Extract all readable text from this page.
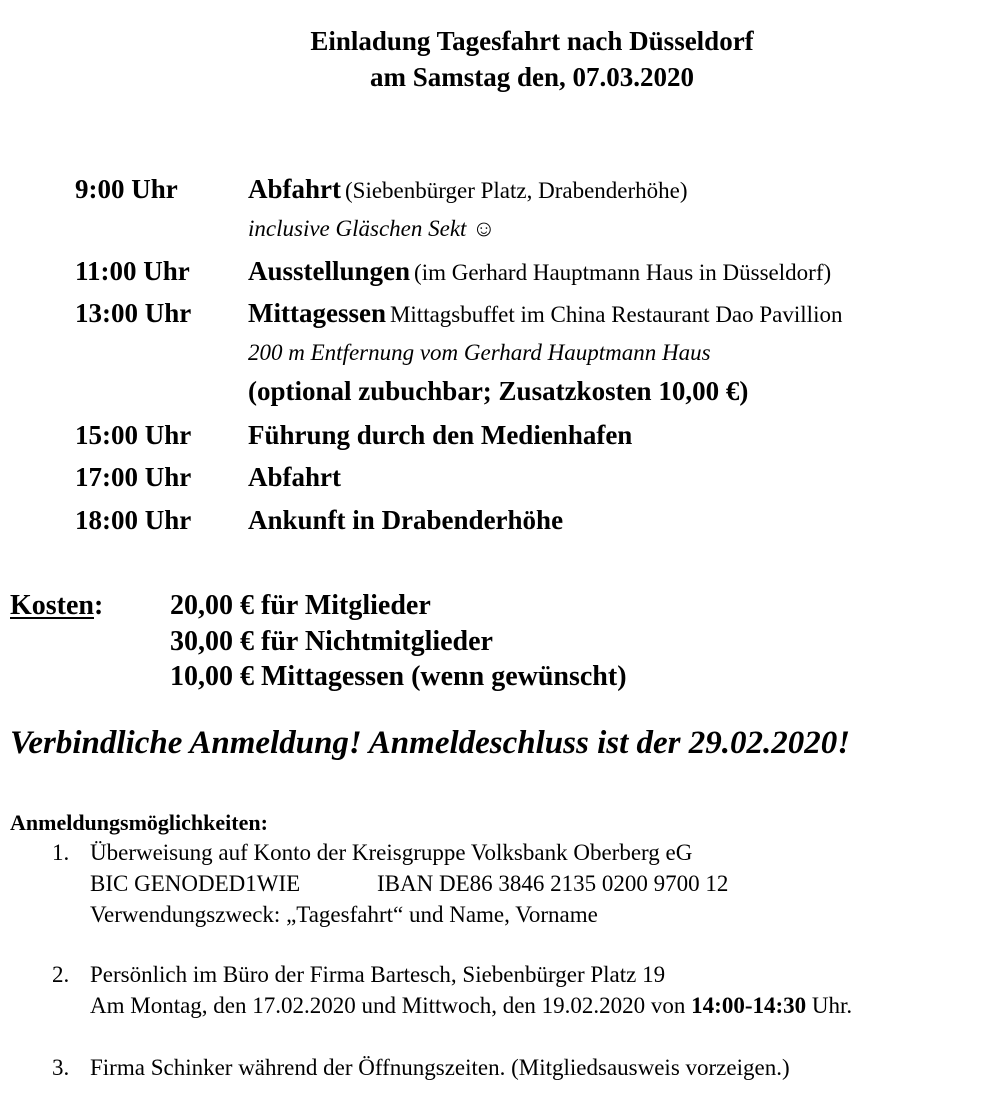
Einladung Tagesfahrt nach Düsseldorf
am Samstag den, 07.03.2020
9:00 Uhr	Abfahrt (Siebenbürger Platz, Drabenderhöhe)
inclusive Gläschen Sekt ☺
11:00 Uhr Ausstellungen (im Gerhard Hauptmann Haus in Düsseldorf)
13:00 Uhr Mittagessen Mittagsbuffet im China Restaurant Dao Pavillion
200 m Entfernung vom Gerhard Hauptmann Haus
(optional zubuchbar; Zusatzkosten 10,00 €)
15:00 Uhr Führung durch den Medienhafen
17:00 Uhr Abfahrt
18:00 Uhr Ankunft in Drabenderhöhe
Kosten: 20,00 € für Mitglieder
30,00 € für Nichtmitglieder
10,00 € Mittagessen (wenn gewünscht)
Verbindliche Anmeldung! Anmeldeschluss ist der 29.02.2020!
Anmeldungsmöglichkeiten:
1. Überweisung auf Konto der Kreisgruppe Volksbank Oberberg eG
BIC GENODED1WIE	IBAN DE86 3846 2135 0200 9700 12
Verwendungszweck: „Tagesfahrt“ und Name, Vorname
2. Persönlich im Büro der Firma Bartesch, Siebenbürger Platz 19
Am Montag, den 17.02.2020 und Mittwoch, den 19.02.2020 von 14:00-14:30 Uhr.
3. Firma Schinker während der Öffnungszeiten. (Mitgliedsausweis vorzeigen.)
